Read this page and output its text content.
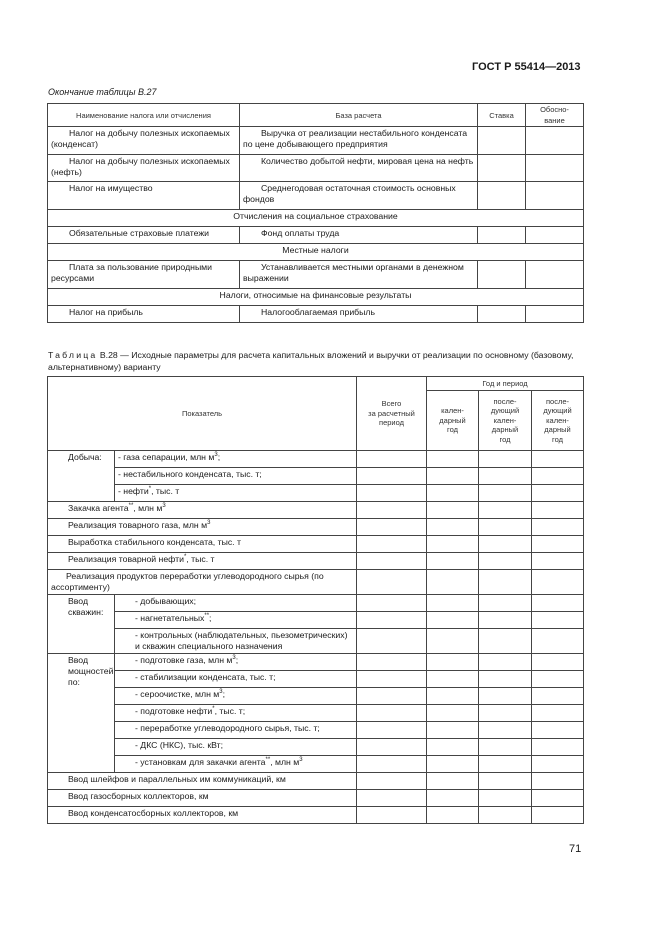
ГОСТ Р 55414—2013
Окончание таблицы В.27
Наименование налога или отчисления	База расчета	Ставка	Обосно-
вание
Налог на добычу полезных ископаемых (конденсат)	Выручка от реализации нестабильного конденсата по цене добывающего предприятия		
Налог на добычу полезных ископаемых (нефть)	Количество добытой нефти, мировая цена на нефть		
Налог на имущество	Среднегодовая остаточная стоимость основных фондов		
Отчисления на социальное страхование			
Обязательные страховые платежи	Фонд оплаты труда		
Местные налоги			
Плата за пользование природными ресурсами	Устанавливается местными органами в денежном выражении		
Налоги, относимые на финансовые результаты			
Налог на прибыль	Налогооблагаемая прибыль		
Таблица В.28 — Исходные параметры для расчета капитальных вложений и выручки от реализации по основному (базовому, альтернативному) варианту
Показатель		Всего
за расчетный
период	Год и период		
			кален-
дарный
год	после-
дующий
кален-
дарный
год	после-
дующий
кален-
дарный
год
Добыча:	- газа сепарации, млн $м^3$;				
	- нестабильного конденсата, тыс. т;				
	- нефти*, тыс. т				
Закачка агента**, млн $м^3$				
Реализация товарного газа, млн $м^3$				
Выработка стабильного конденсата, тыс. т					
Реализация товарной нефти*, тыс. т					
Реализация продуктов переработки углеводородного сырья (по ассортименту)					
Ввод скважин:	- добывающих;				
	- нагнетательных**;				
	- контрольных (наблюдательных, пьезометрических) и скважин специального назначения				
Ввод мощностей по:	- подготовке газа, млн $м^3$;				
	- стабилизации конденсата, тыс. т;				
	- сероочистке, млн $м^3$;				
	- подготовке нефти*, тыс. т;				
	- переработке углеводородного сырья, тыс. т;				
	- ДКС (НКС), тыс. кВт;				
	- установкам для закачки агента**, млн $м^3$				
Ввод шлейфов и параллельных им коммуникаций, км					
Ввод газосборных коллекторов, км					
Ввод конденсатосборных коллекторов, км					
71
